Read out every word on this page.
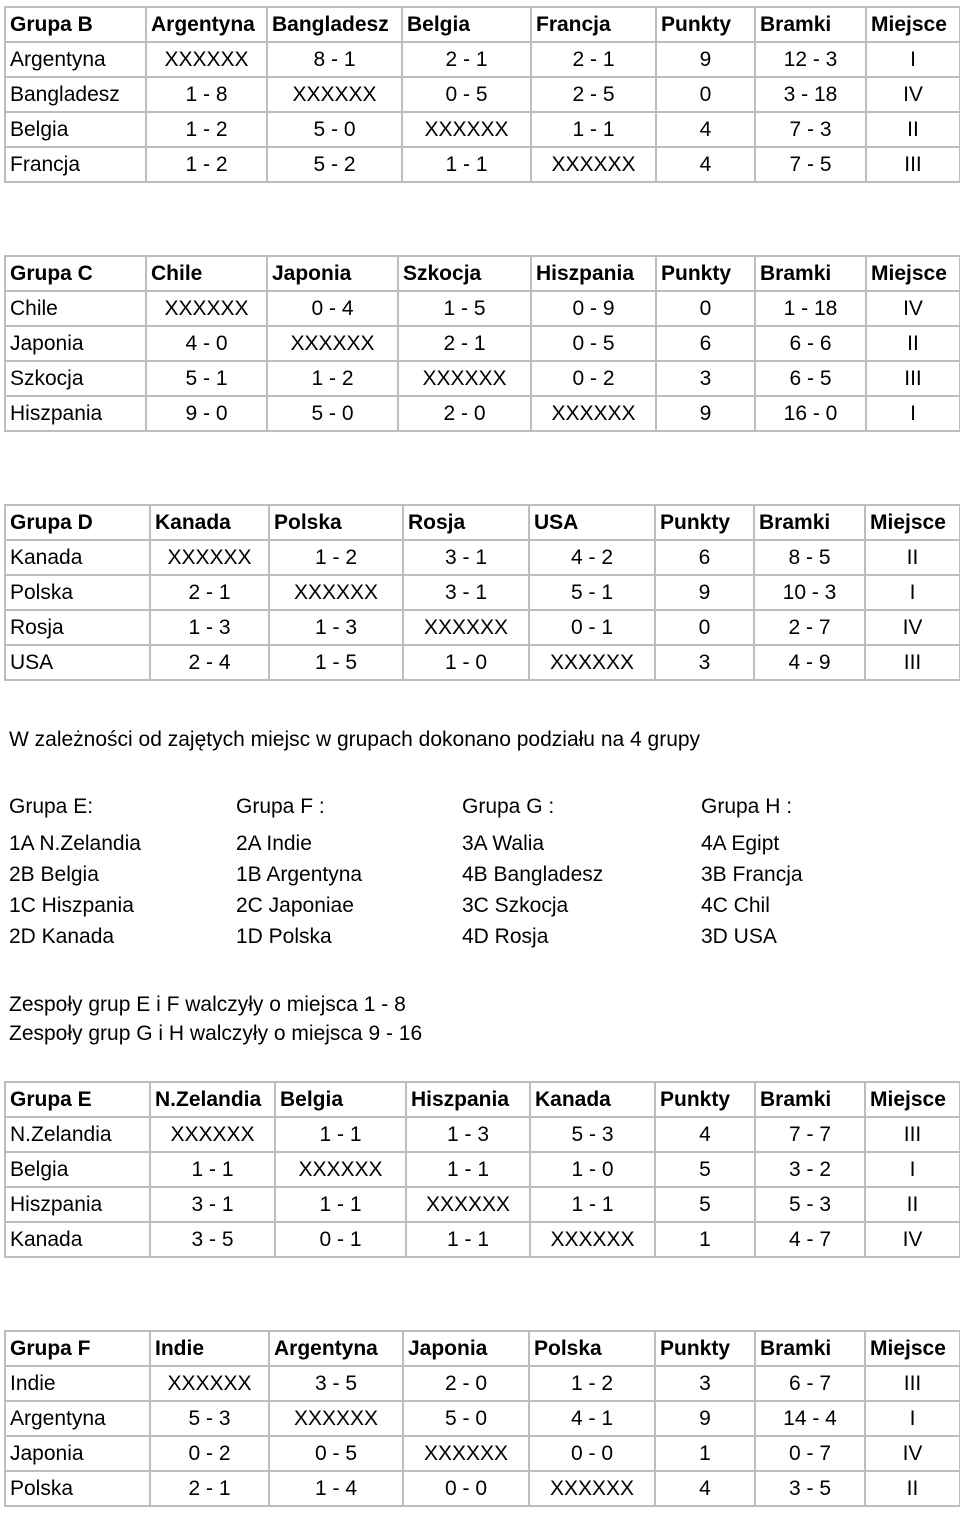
Grupa B	Argentyna	Bangladesz	Belgia	Francja	Punkty	Bramki	Miejsce
Argentyna	XXXXXX	8 - 1	2 - 1	2 - 1	9	12 - 3	I
Bangladesz	1 - 8	XXXXXX	0 - 5	2 - 5	0	3 - 18	IV
Belgia	1 - 2	5 - 0	XXXXXX	1 - 1	4	7 - 3	II
Francja	1 - 2	5 - 2	1 - 1	XXXXXX	4	7 - 5	III
Grupa C	Chile	Japonia	Szkocja	Hiszpania	Punkty	Bramki	Miejsce
Chile	XXXXXX	0 - 4	1 - 5	0 - 9	0	1 - 18	IV
Japonia	4 - 0	XXXXXX	2 - 1	0 - 5	6	6 - 6	II
Szkocja	5 - 1	1 - 2	XXXXXX	0 - 2	3	6 - 5	III
Hiszpania	9 - 0	5 - 0	2 - 0	XXXXXX	9	16 - 0	I
Grupa D	Kanada	Polska	Rosja	USA	Punkty	Bramki	Miejsce
Kanada	XXXXXX	1 - 2	3 - 1	4 - 2	6	8 - 5	II
Polska	2 - 1	XXXXXX	3 - 1	5 - 1	9	10 - 3	I
Rosja	1 - 3	1 - 3	XXXXXX	0 - 1	0	2 - 7	IV
USA	2 - 4	1 - 5	1 - 0	XXXXXX	3	4 - 9	III
W zależności od zajętych miejsc w grupach dokonano podziału na 4 grupy
Grupa E:
1A N.Zelandia
2B Belgia
1C Hiszpania
2D Kanada
Grupa F :
2A Indie
1B Argentyna
2C Japoniae
1D Polska
Grupa G :
3A Walia
4B Bangladesz
3C Szkocja
4D Rosja
Grupa H :
4A Egipt
3B Francja
4C Chil
3D USA
Zespoły grup E i F walczyły o miejsca 1 - 8
Zespoły grup G i H walczyły o miejsca 9 - 16
Grupa E	N.Zelandia	Belgia	Hiszpania	Kanada	Punkty	Bramki	Miejsce
N.Zelandia	XXXXXX	1 - 1	1 - 3	5 - 3	4	7 - 7	III
Belgia	1 - 1	XXXXXX	1 - 1	1 - 0	5	3 - 2	I
Hiszpania	3 - 1	1 - 1	XXXXXX	1 - 1	5	5 - 3	II
Kanada	3 - 5	0 - 1	1 - 1	XXXXXX	1	4 - 7	IV
Grupa F	Indie	Argentyna	Japonia	Polska	Punkty	Bramki	Miejsce
Indie	XXXXXX	3 - 5	2 - 0	1 - 2	3	6 - 7	III
Argentyna	5 - 3	XXXXXX	5 - 0	4 - 1	9	14 - 4	I
Japonia	0 - 2	0 - 5	XXXXXX	0 - 0	1	0 - 7	IV
Polska	2 - 1	1 - 4	0 - 0	XXXXXX	4	3 - 5	II
